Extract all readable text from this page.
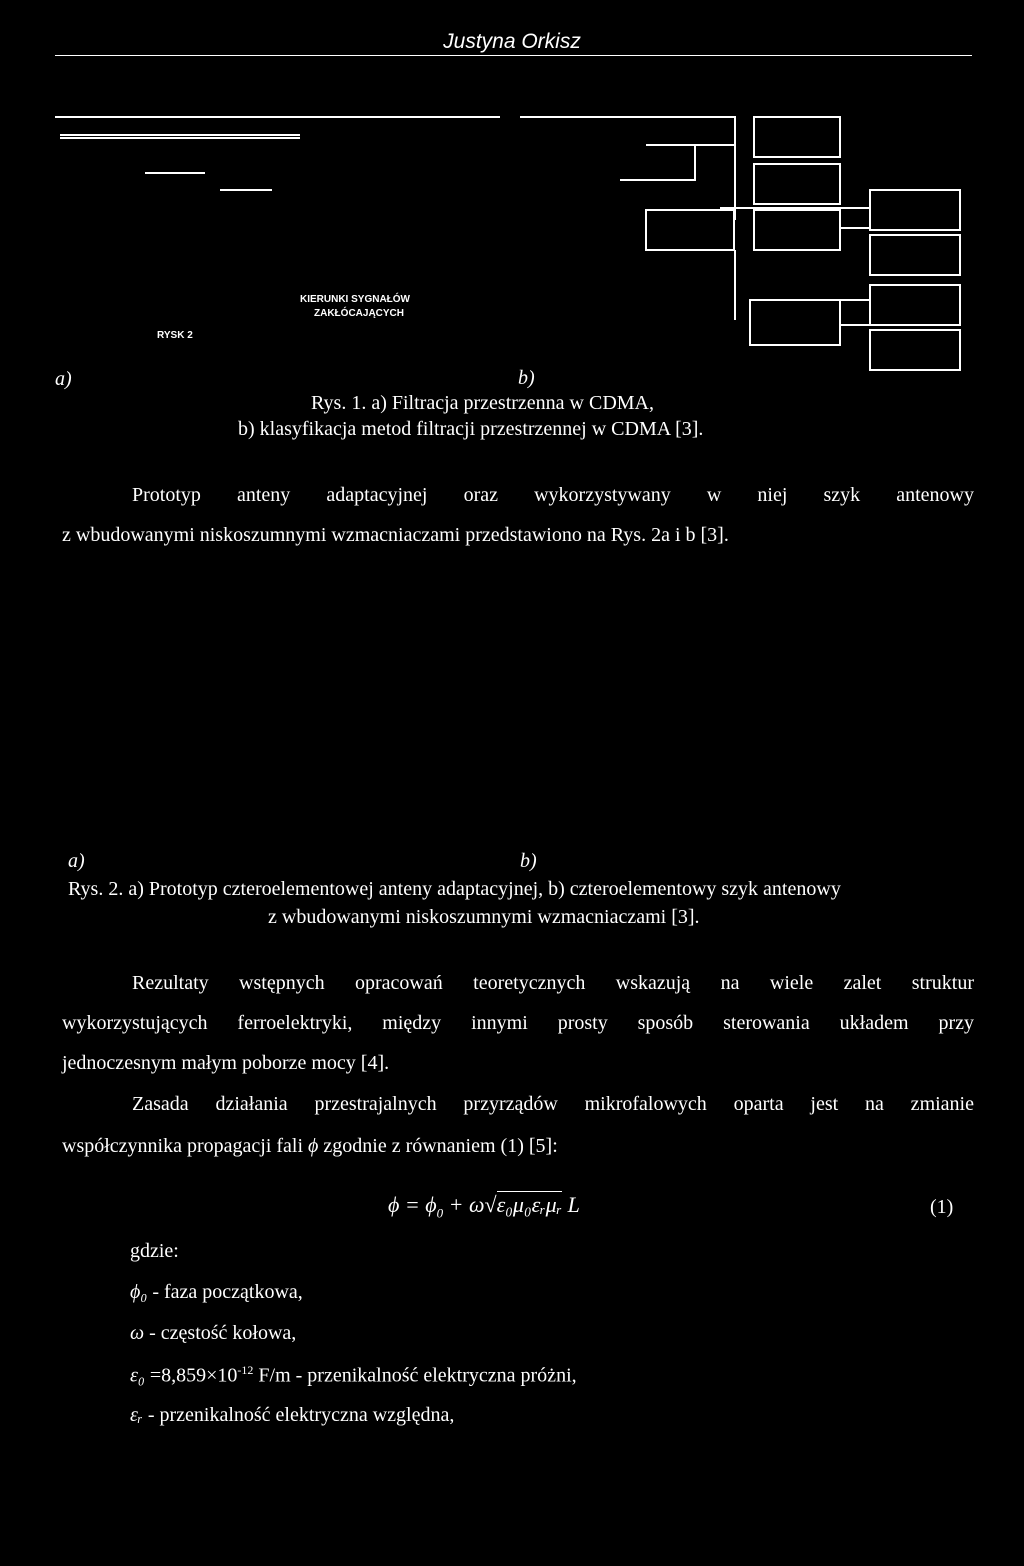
Justyna Orkisz
KIERUNKI SYGNAŁÓW
ZAKŁÓCAJĄCYCH
RYSK 2
a)	b)
Rys. 1. a) Filtracja przestrzenna w CDMA,
b) klasyfikacja metod filtracji przestrzennej w CDMA [3].
Prototyp anteny adaptacyjnej oraz wykorzystywany w niej szyk antenowy
z wbudowanymi niskoszumnymi wzmacniaczami przedstawiono na Rys. 2a i b [3].
a)	b)
Rys. 2. a) Prototyp czteroelementowej anteny adaptacyjnej, b) czteroelementowy szyk antenowy
z wbudowanymi niskoszumnymi wzmacniaczami [3].
Rezultaty wstępnych opracowań teoretycznych wskazują na wiele zalet struktur
wykorzystujących ferroelektryki, między innymi prosty sposób sterowania układem przy
jednoczesnym małym poborze mocy [4].
Zasada działania przestrajalnych przyrządów mikrofalowych oparta jest na zmianie
współczynnika propagacji fali ϕ zgodnie z równaniem (1) [5]:
$\phi = \phi_0$ + ω√ε₀μ₀εᵣμᵣ L	(1)
gdzie:
ϕ₀ - faza początkowa,
ω - częstość kołowa,
$\varepsilon_0 =8,859\times 10^{-12}$ F/m - przenikalność elektryczna próżni,
εᵣ - przenikalność elektryczna względna,
